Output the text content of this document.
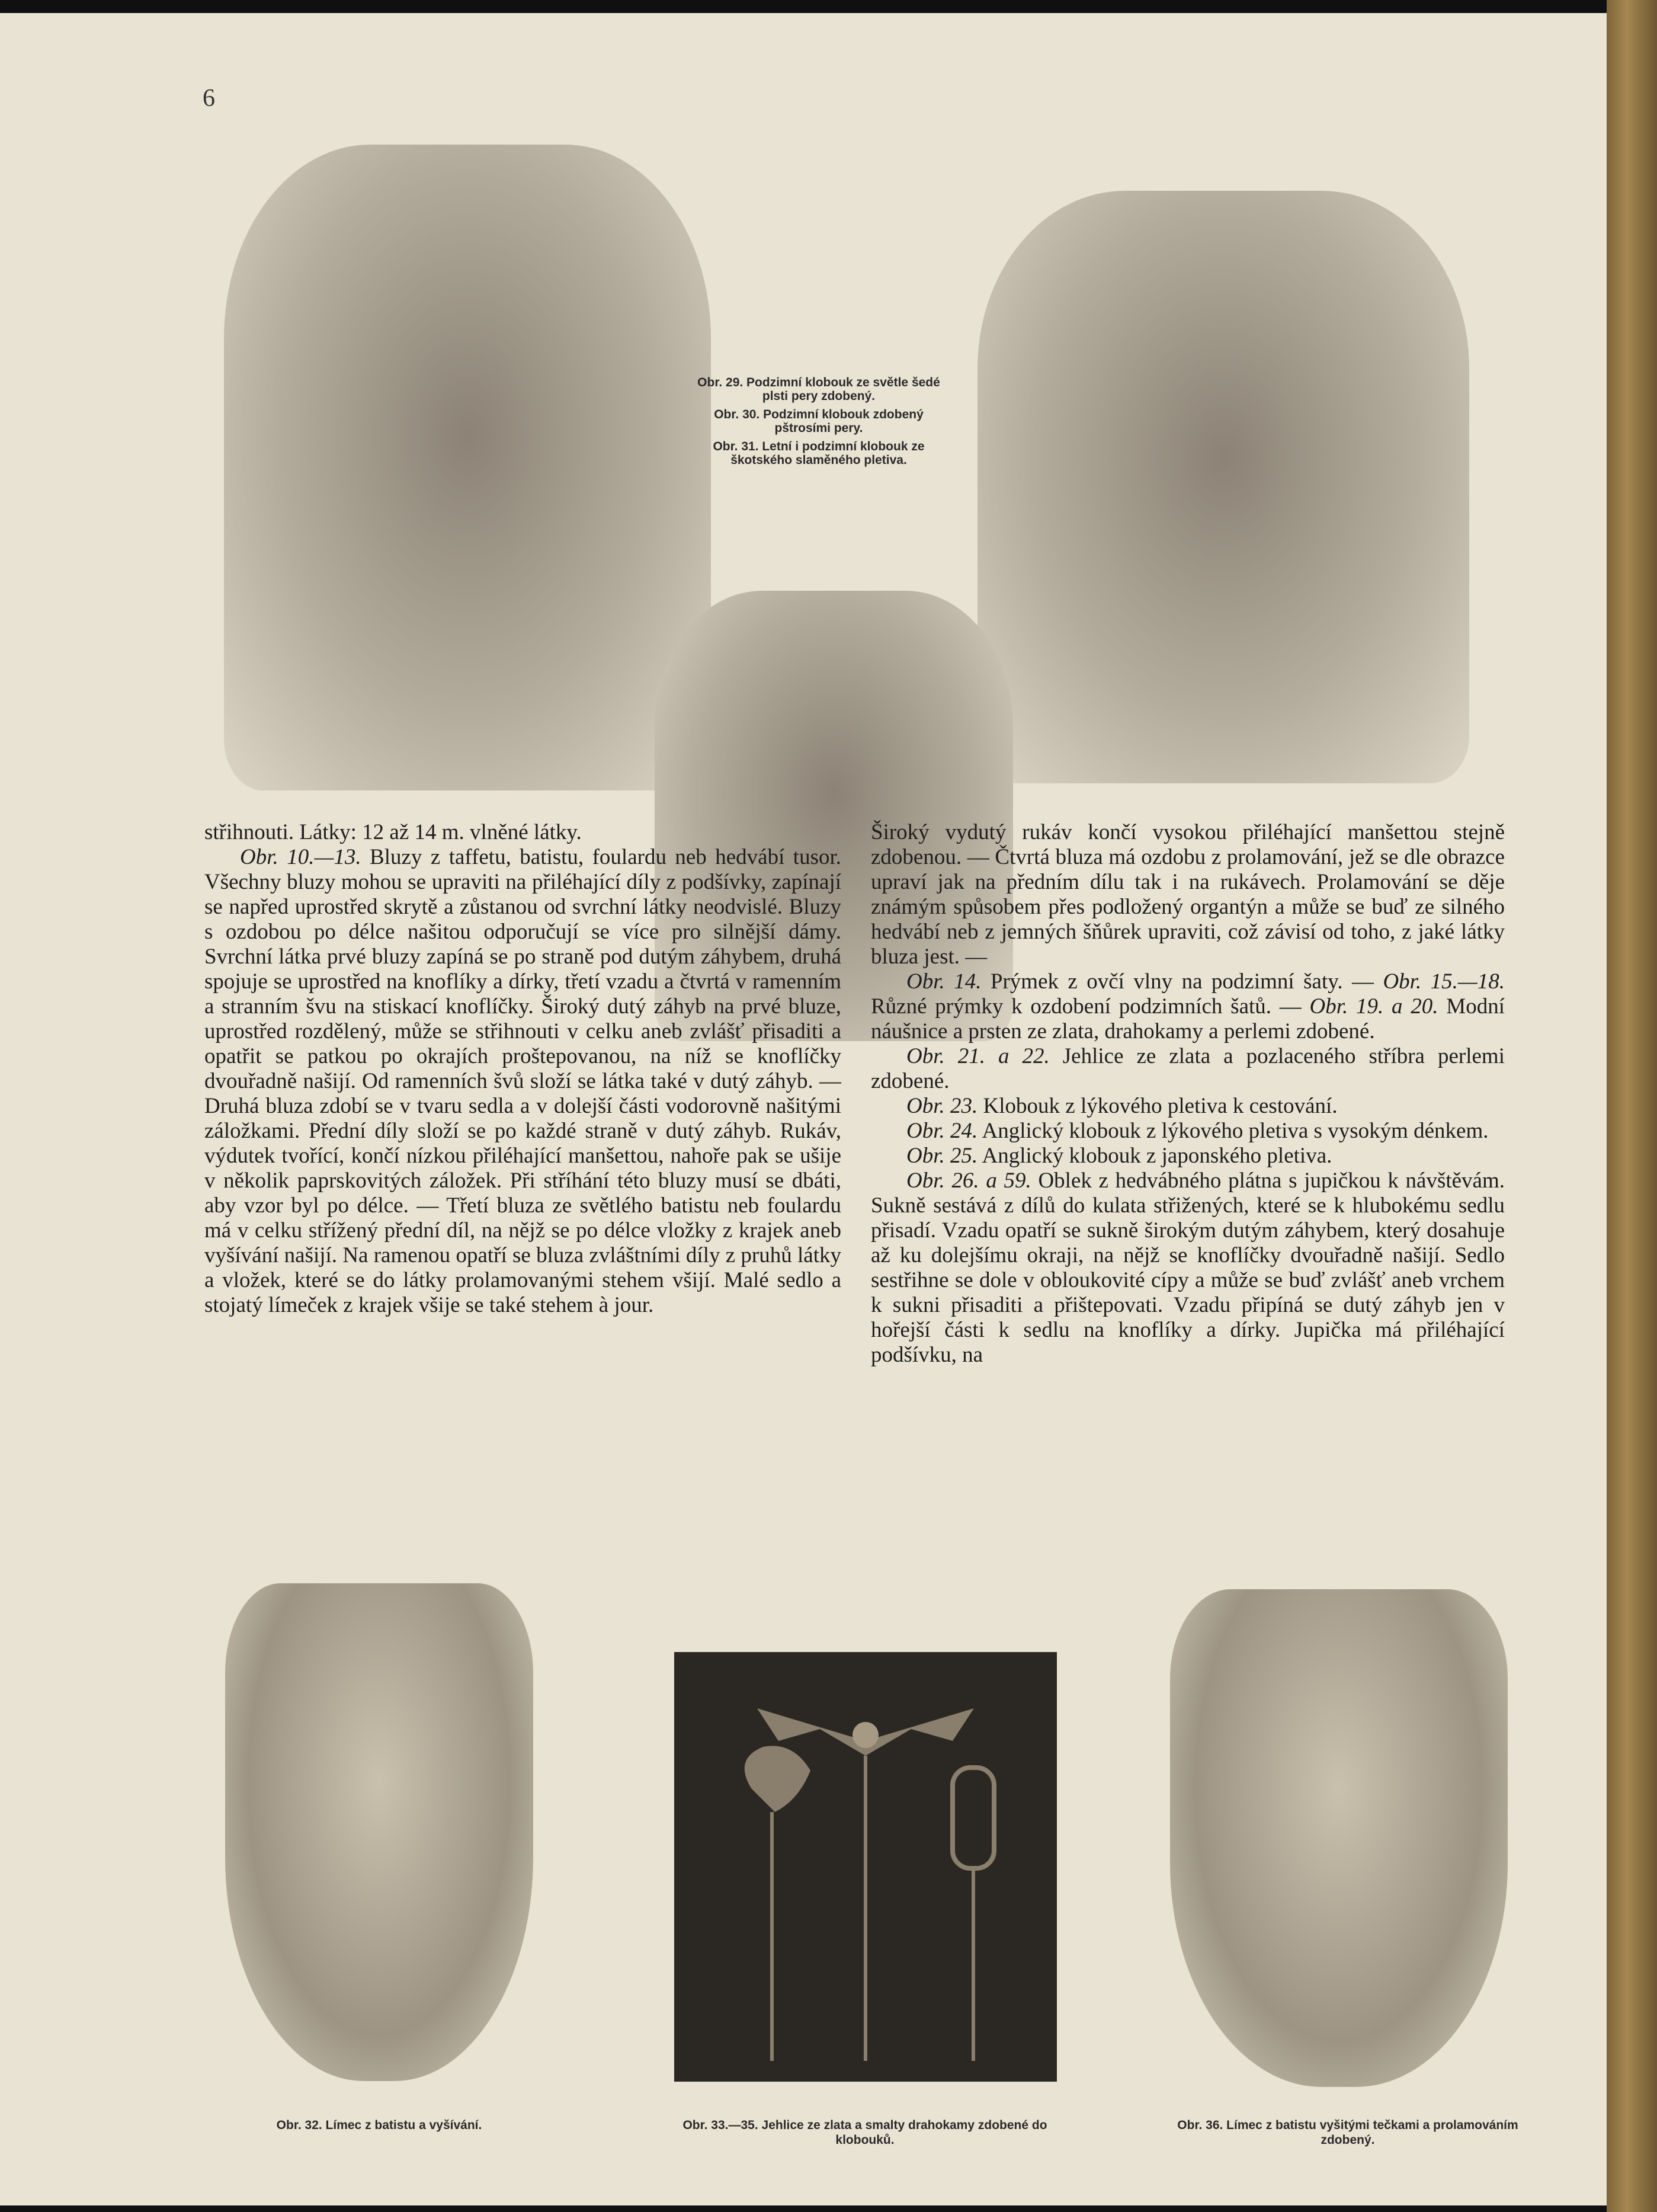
6

Obr. 29. Podzimní klobouk ze světle šedé plsti pery zdobený.

Obr. 30. Podzimní klobouk zdobený pštrosími pery.

Obr. 31. Letní i podzimní klobouk ze škotského slaměného pletiva.

střihnouti. Látky: 12 až 14 m. vlněné látky.

Obr. 10.—13. Bluzy z taffetu, batistu, foulardu neb hedvábí tusor. Všechny bluzy mohou se upraviti na přiléhající díly z podšívky, zapínají se napřed uprostřed skrytě a zůstanou od svrchní látky neodvislé. Bluzy s ozdobou po délce našitou odporučují se více pro silnější dámy. Svrchní látka prvé bluzy zapíná se po straně pod dutým záhybem, druhá spojuje se uprostřed na knoflíky a dírky, třetí vzadu a čtvrtá v ramenním a stranním švu na stiskací knoflíčky. Široký dutý záhyb na prvé bluze, uprostřed rozdělený, může se střihnouti v celku aneb zvlášť přisaditi a opatřit se patkou po okrajích proštepovanou, na níž se knoflíčky dvouřadně našijí. Od ramenních švů složí se látka také v dutý záhyb. — Druhá bluza zdobí se v tvaru sedla a v dolejší části vodorovně našitými záložkami. Přední díly složí se po každé straně v dutý záhyb. Rukáv, výdutek tvořící, končí nízkou přiléhající manšettou, nahoře pak se ušije v několik paprskovitých záložek. Při stříhání této bluzy musí se dbáti, aby vzor byl po délce. — Třetí bluza ze světlého batistu neb foulardu má v celku střížený přední díl, na nějž se po délce vložky z krajek aneb vyšívání našijí. Na ramenou opatří se bluza zvláštními díly z pruhů látky a vložek, které se do látky prolamovanými stehem všijí. Malé sedlo a stojatý límeček z krajek všije se také stehem à jour.

Široký vydutý rukáv končí vysokou přiléhající manšettou stejně zdobenou. — Čtvrtá bluza má ozdobu z prolamování, jež se dle obrazce upraví jak na předním dílu tak i na rukávech. Prolamování se děje známým spůsobem přes podložený organtýn a může se buď ze silného hedvábí neb z jemných šňůrek upraviti, což závisí od toho, z jaké látky bluza jest. —

Obr. 14. Prýmek z ovčí vlny na podzimní šaty. — Obr. 15.—18. Různé prýmky k ozdobení podzimních šatů. — Obr. 19. a 20. Modní náušnice a prsten ze zlata, drahokamy a perlemi zdobené.

Obr. 21. a 22. Jehlice ze zlata a pozlaceného stříbra perlemi zdobené.

Obr. 23. Klobouk z lýkového pletiva k cestování.

Obr. 24. Anglický klobouk z lýkového pletiva s vysokým dénkem.

Obr. 25. Anglický klobouk z japonského pletiva.

Obr. 26. a 59. Oblek z hedvábného plátna s jupičkou k návštěvám. Sukně sestává z dílů do kulata střižených, které se k hlubokému sedlu přisadí. Vzadu opatří se sukně širokým dutým záhybem, který dosahuje až ku dolejšímu okraji, na nějž se knoflíčky dvouřadně našijí. Sedlo sestřihne se dole v obloukovité cípy a může se buď zvlášť aneb vrchem k sukni přisaditi a přištepovati. Vzadu připíná se dutý záhyb jen v hořejší části k sedlu na knoflíky a dírky. Jupička má přiléhající podšívku, na

Obr. 32. Límec z batistu a vyšívání.	Obr. 33.—35. Jehlice ze zlata a smalty drahokamy zdobené do klobouků.
Obr. 36. Límec z batistu vyšitými tečkami a prolamováním zdobený.
